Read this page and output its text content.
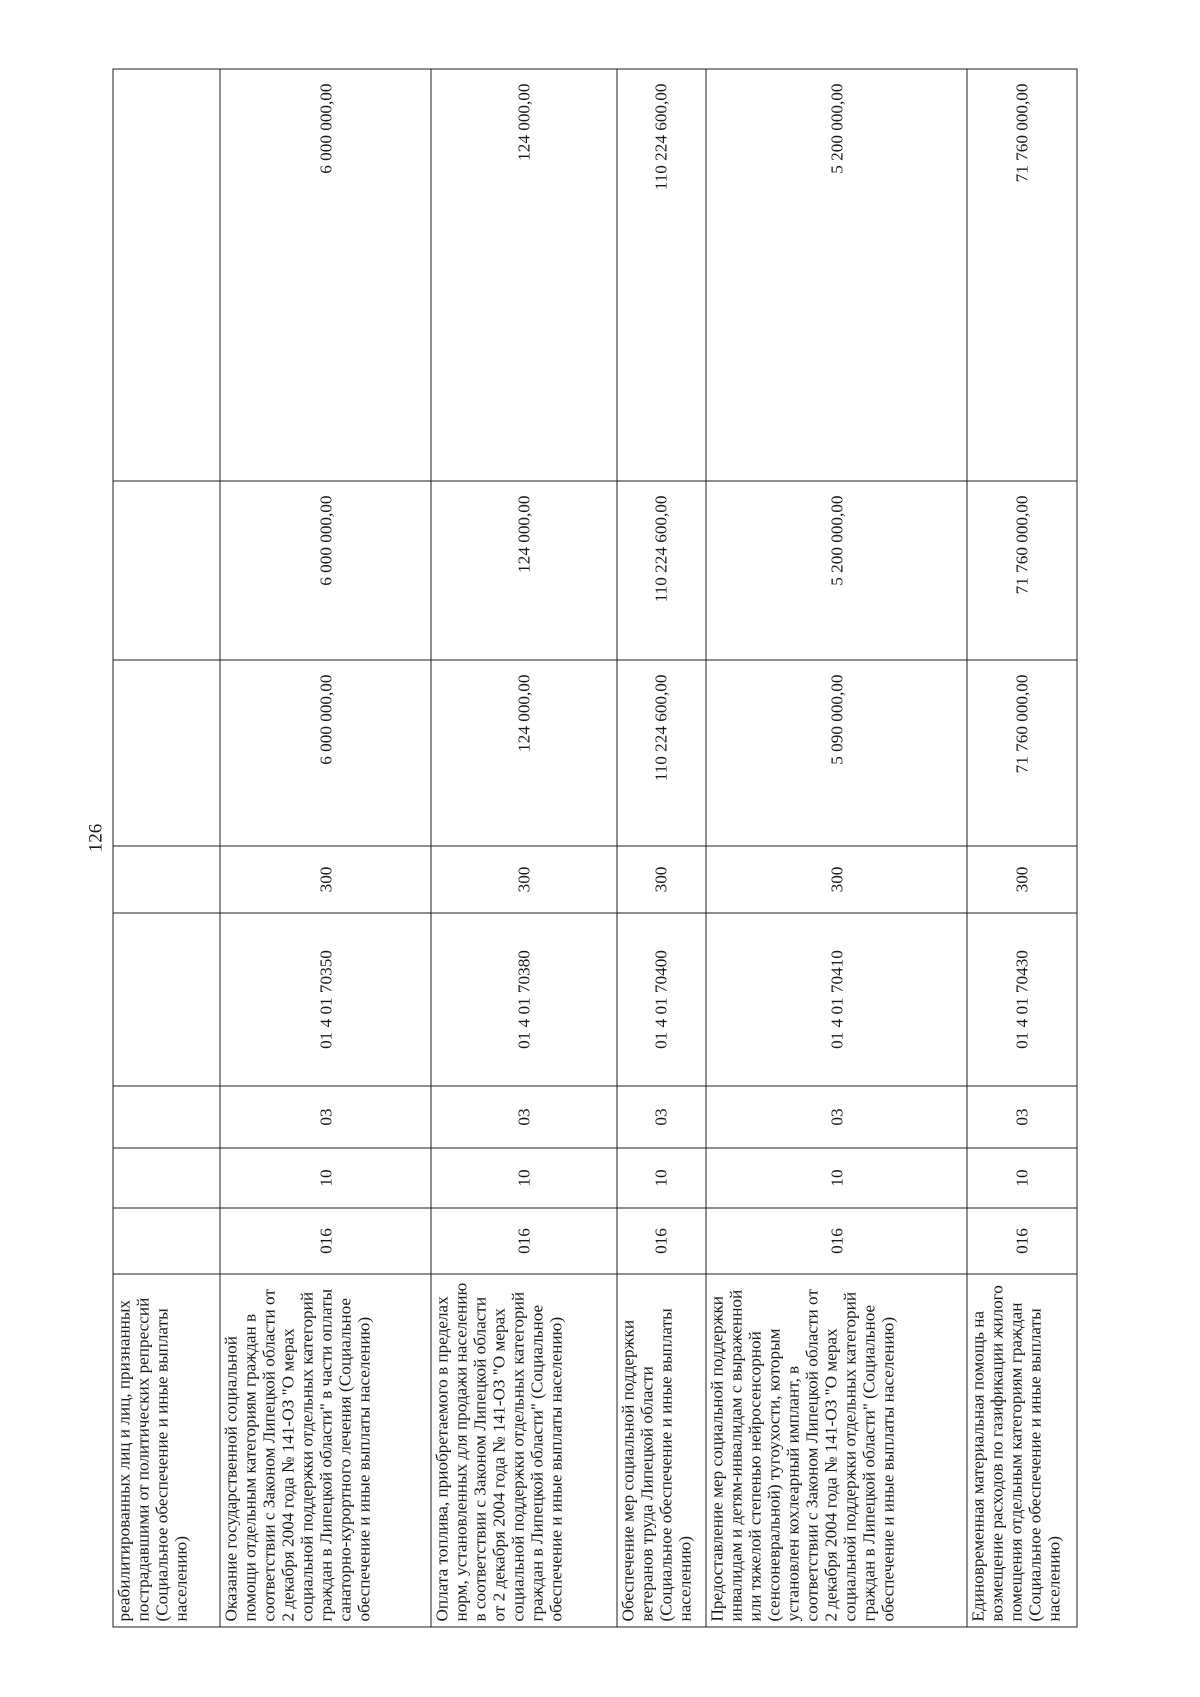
126
реабилитированных лиц и лиц, признанных пострадавшими от политических репрессий (Социальное обеспечение и иные выплаты населению)								
Оказание государственной социальной помощи отдельным категориям граждан в соответствии с Законом Липецкой области от 2 декабря 2004 года № 141-ОЗ "О мерах социальной поддержки отдельных категорий граждан в Липецкой области" в части оплаты санаторно-курортного лечения (Социальное обеспечение и иные выплаты населению)	016	10	03	01 4 01 70350	300	6 000 000,00	6 000 000,00	6 000 000,00
Оплата топлива, приобретаемого в пределах норм, установленных для продажи населению в соответствии с Законом Липецкой области от 2 декабря 2004 года № 141-ОЗ "О мерах социальной поддержки отдельных категорий граждан в Липецкой области" (Социальное обеспечение и иные выплаты населению)	016	10	03	01 4 01 70380	300	124 000,00	124 000,00	124 000,00
Обеспечение мер социальной поддержки ветеранов труда Липецкой области (Социальное обеспечение и иные выплаты населению)	016	10	03	01 4 01 70400	300	110 224 600,00	110 224 600,00	110 224 600,00
Предоставление мер социальной поддержки инвалидам и детям-инвалидам с выраженной или тяжелой степенью нейросенсорной (сенсоневральной) тугоухости, которым установлен кохлеарный имплант, в соответствии с Законом Липецкой области от 2 декабря 2004 года № 141-ОЗ "О мерах социальной поддержки отдельных категорий граждан в Липецкой области" (Социальное обеспечение и иные выплаты населению)	016	10	03	01 4 01 70410	300	5 090 000,00	5 200 000,00	5 200 000,00
Единовременная материальная помощь на возмещение расходов по газификации жилого помещения отдельным категориям граждан (Социальное обеспечение и иные выплаты населению)	016	10	03	01 4 01 70430	300	71 760 000,00	71 760 000,00	71 760 000,00
